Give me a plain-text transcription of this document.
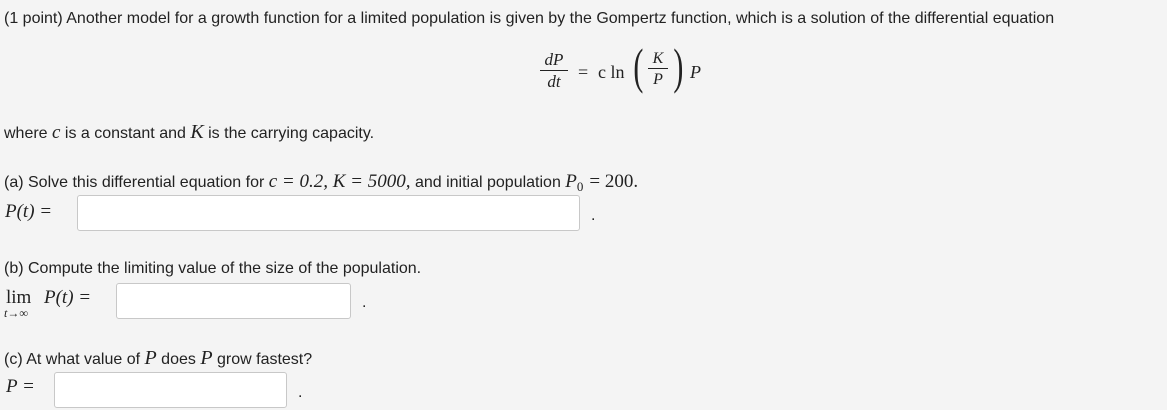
(1 point) Another model for a growth function for a limited population is given by the Gompertz function, which is a solution of the differential equation
$\frac{dP}{dt} = c$ ln ( $\frac{K}{P}$ ) P
where c is a constant and K is the carrying capacity.
(a) Solve this differential equation for c = 0.2, K = 5000, and initial population $P_0 = 200$.
P(t) =	.
(b) Compute the limiting value of the size of the population.
lim
t→∞
P(t) =	.
(c) At what value of P does P grow fastest?
P =	.
